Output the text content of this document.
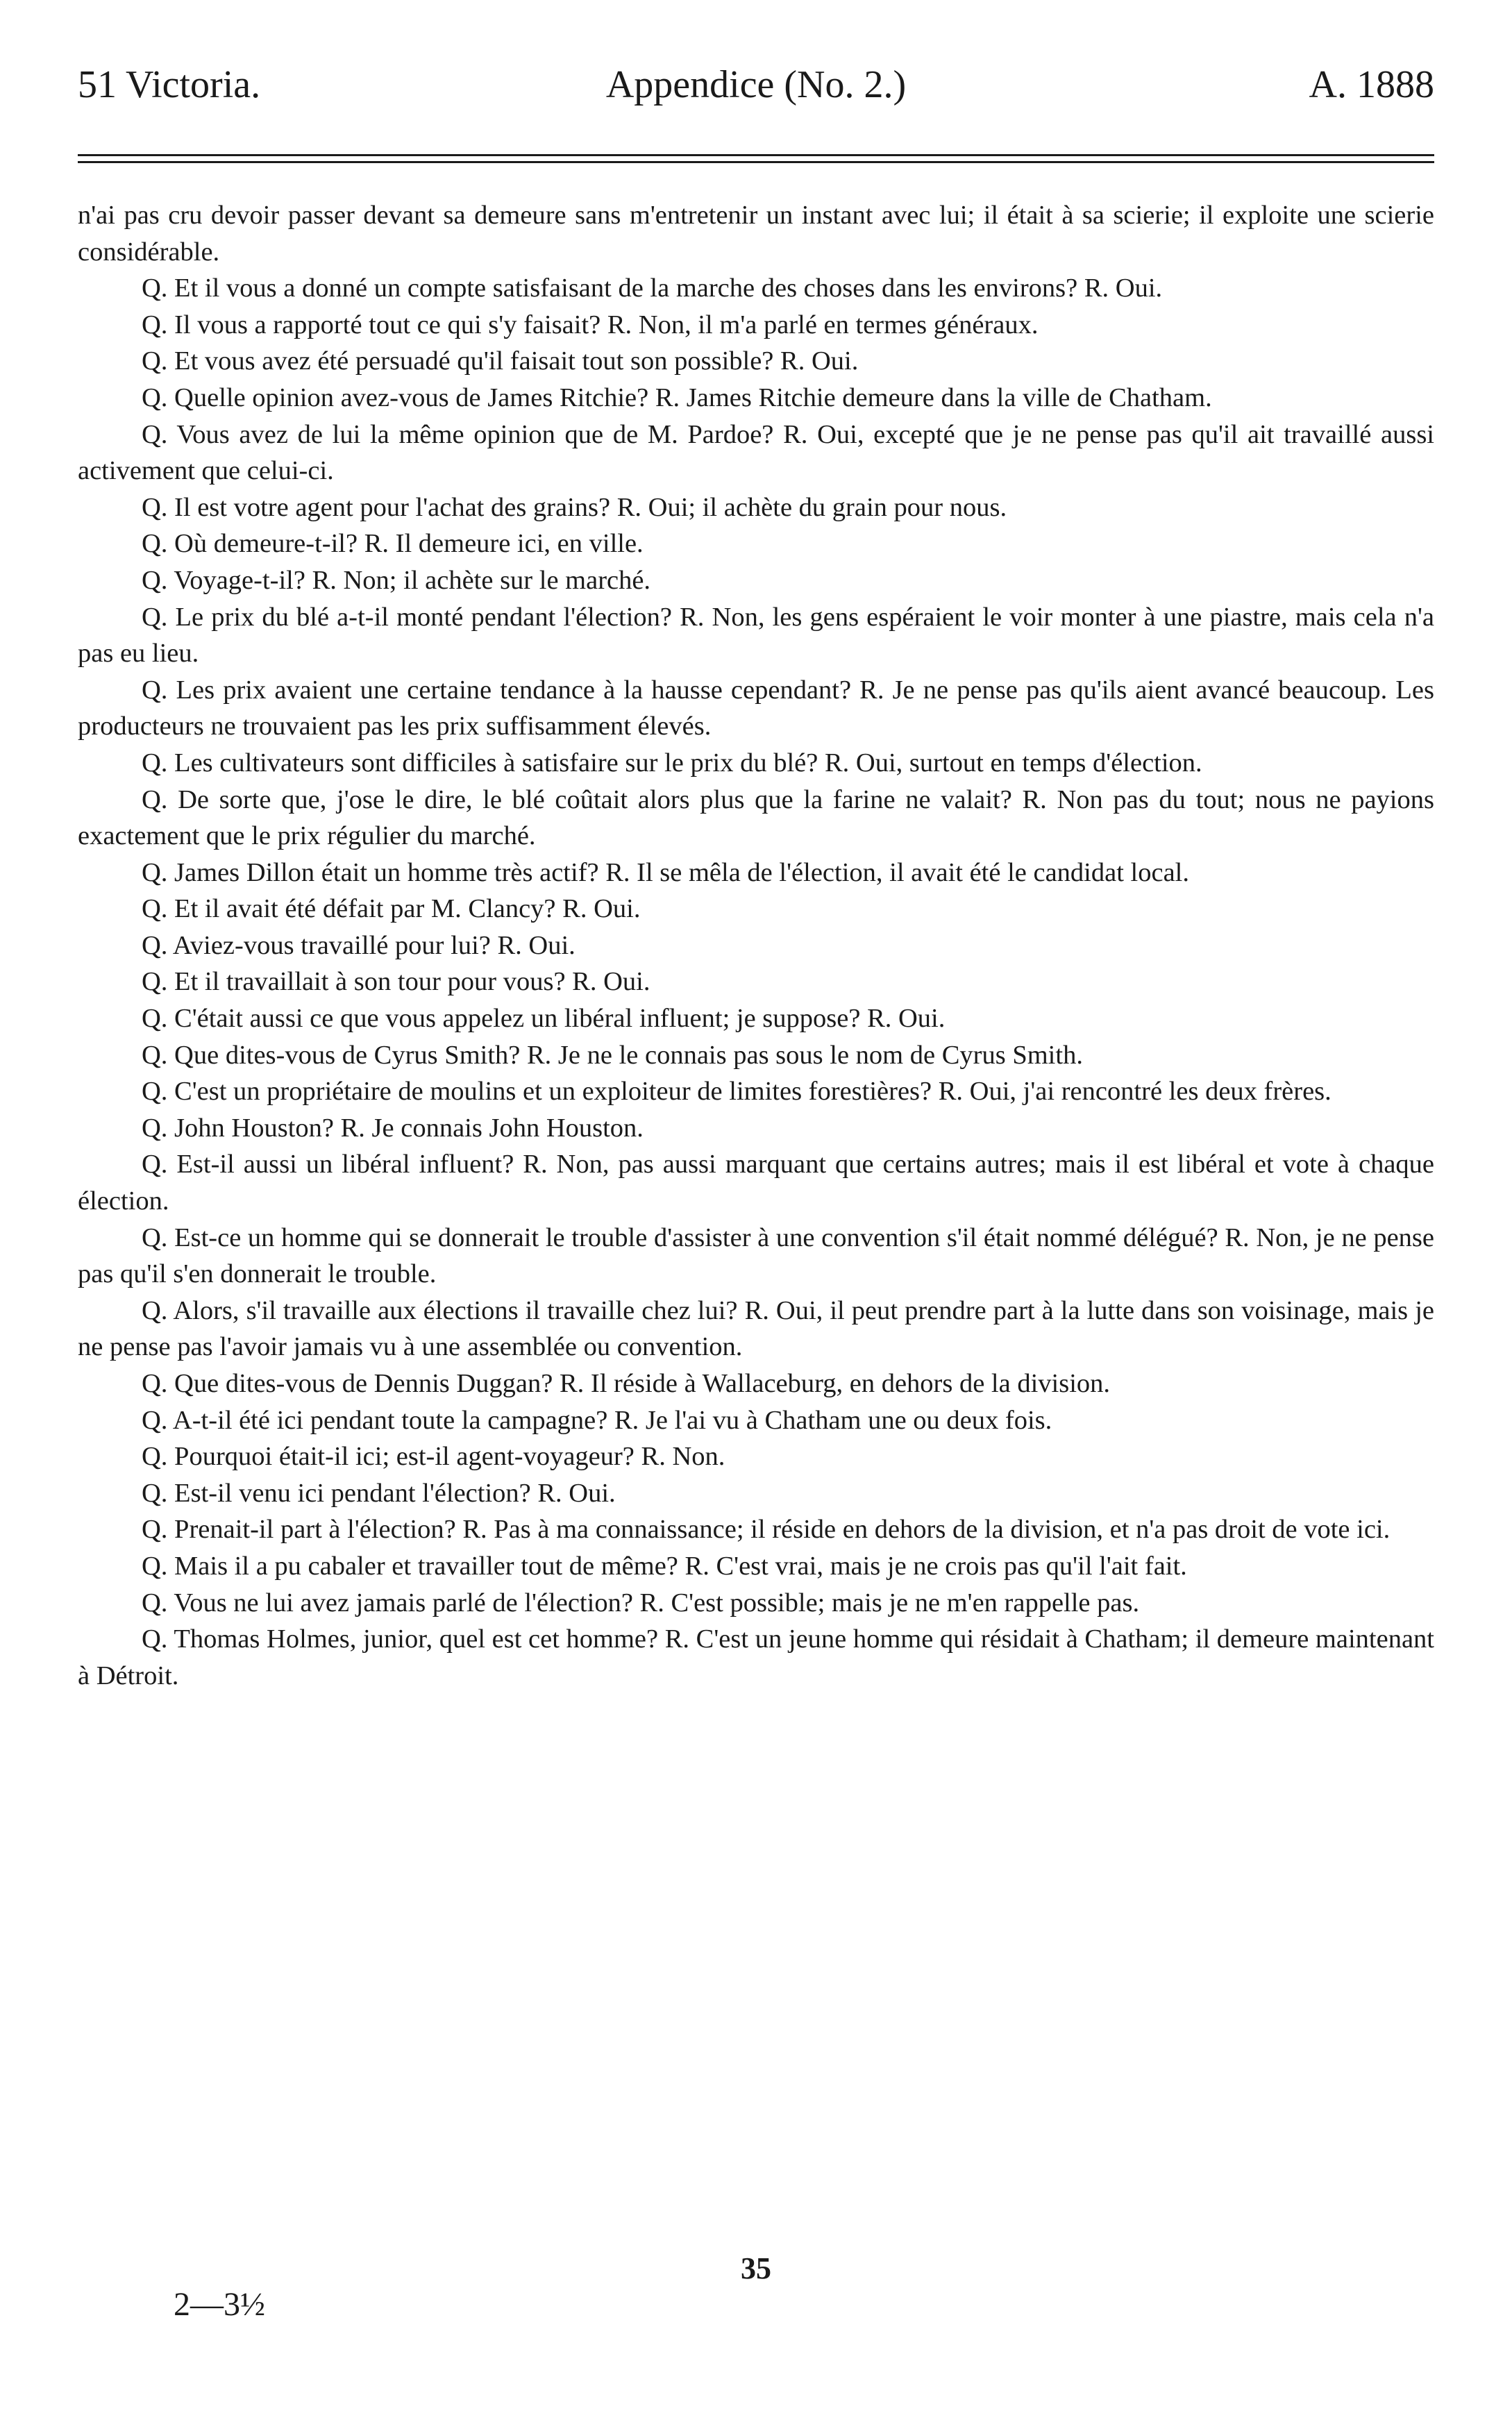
51 Victoria.	Appendice (No. 2.)	A. 1888

n'ai pas cru devoir passer devant sa demeure sans m'entretenir un instant avec lui; il était à sa scierie; il exploite une scierie considérable.

Q. Et il vous a donné un compte satisfaisant de la marche des choses dans les environs? R. Oui.

Q. Il vous a rapporté tout ce qui s'y faisait? R. Non, il m'a parlé en termes généraux.

Q. Et vous avez été persuadé qu'il faisait tout son possible? R. Oui.

Q. Quelle opinion avez-vous de James Ritchie? R. James Ritchie demeure dans la ville de Chatham.

Q. Vous avez de lui la même opinion que de M. Pardoe? R. Oui, excepté que je ne pense pas qu'il ait travaillé aussi activement que celui-ci.

Q. Il est votre agent pour l'achat des grains? R. Oui; il achète du grain pour nous.

Q. Où demeure-t-il? R. Il demeure ici, en ville.

Q. Voyage-t-il? R. Non; il achète sur le marché.

Q. Le prix du blé a-t-il monté pendant l'élection? R. Non, les gens espéraient le voir monter à une piastre, mais cela n'a pas eu lieu.

Q. Les prix avaient une certaine tendance à la hausse cependant? R. Je ne pense pas qu'ils aient avancé beaucoup. Les producteurs ne trouvaient pas les prix suffisamment élevés.

Q. Les cultivateurs sont difficiles à satisfaire sur le prix du blé? R. Oui, surtout en temps d'élection.

Q. De sorte que, j'ose le dire, le blé coûtait alors plus que la farine ne valait? R. Non pas du tout; nous ne payions exactement que le prix régulier du marché.

Q. James Dillon était un homme très actif? R. Il se mêla de l'élection, il avait été le candidat local.

Q. Et il avait été défait par M. Clancy? R. Oui.

Q. Aviez-vous travaillé pour lui? R. Oui.

Q. Et il travaillait à son tour pour vous? R. Oui.

Q. C'était aussi ce que vous appelez un libéral influent; je suppose? R. Oui.

Q. Que dites-vous de Cyrus Smith? R. Je ne le connais pas sous le nom de Cyrus Smith.

Q. C'est un propriétaire de moulins et un exploiteur de limites forestières? R. Oui, j'ai rencontré les deux frères.

Q. John Houston? R. Je connais John Houston.

Q. Est-il aussi un libéral influent? R. Non, pas aussi marquant que certains autres; mais il est libéral et vote à chaque élection.

Q. Est-ce un homme qui se donnerait le trouble d'assister à une convention s'il était nommé délégué? R. Non, je ne pense pas qu'il s'en donnerait le trouble.

Q. Alors, s'il travaille aux élections il travaille chez lui? R. Oui, il peut prendre part à la lutte dans son voisinage, mais je ne pense pas l'avoir jamais vu à une assemblée ou convention.

Q. Que dites-vous de Dennis Duggan? R. Il réside à Wallaceburg, en dehors de la division.

Q. A-t-il été ici pendant toute la campagne? R. Je l'ai vu à Chatham une ou deux fois.

Q. Pourquoi était-il ici; est-il agent-voyageur? R. Non.

Q. Est-il venu ici pendant l'élection? R. Oui.

Q. Prenait-il part à l'élection? R. Pas à ma connaissance; il réside en dehors de la division, et n'a pas droit de vote ici.

Q. Mais il a pu cabaler et travailler tout de même? R. C'est vrai, mais je ne crois pas qu'il l'ait fait.

Q. Vous ne lui avez jamais parlé de l'élection? R. C'est possible; mais je ne m'en rappelle pas.

Q. Thomas Holmes, junior, quel est cet homme? R. C'est un jeune homme qui résidait à Chatham; il demeure maintenant à Détroit.

35
2—3½
